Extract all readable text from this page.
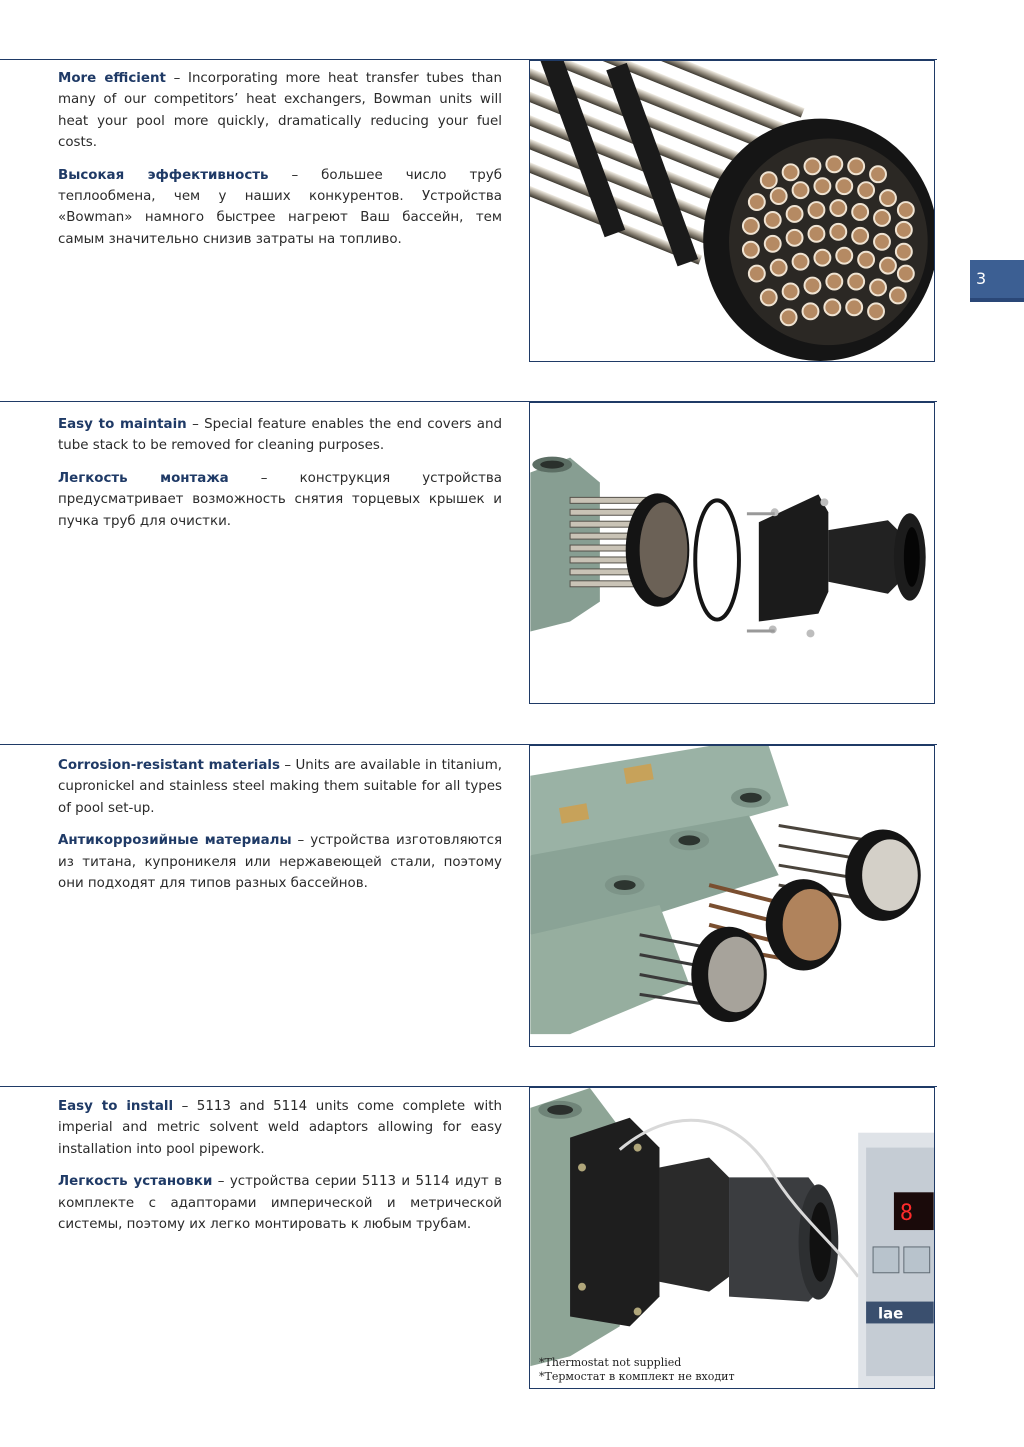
3

More efficient – Incorporating more heat transfer tubes than many of our competitors’ heat exchangers, Bowman units will heat your pool more quickly, dramatically reducing your fuel costs.

Высокая эффективность – большее число труб теплообмена, чем у наших конкурентов. Устройства «Bowman» намного быстрее нагреют Ваш бассейн, тем самым значительно снизив затраты на топливо.

Easy to maintain – Special feature enables the end covers and tube stack to be removed for cleaning purposes.

Легкость монтажа – конструкция устройства предусматривает возможность снятия торцевых крышек и пучка труб для очистки.

Corrosion-resistant materials – Units are available in titanium, cupronickel and stainless steel making them suitable for all types of pool set-up.

Антикоррозийные материалы – устройства изготовляются из титана, купроникеля или нержавеющей стали, поэтому они подходят для типов разных бассейнов.

Easy to install – 5113 and 5114 units come complete with imperial and metric solvent weld adaptors allowing for easy installation into pool pipework.

Легкость установки – устройства серии 5113 и 5114 идут в комплекте с адапторами имперической и метрической системы, поэтому их легко монтировать к любым трубам.	8
lae
*Thermostat not supplied
*Термостат в комплект не входит
